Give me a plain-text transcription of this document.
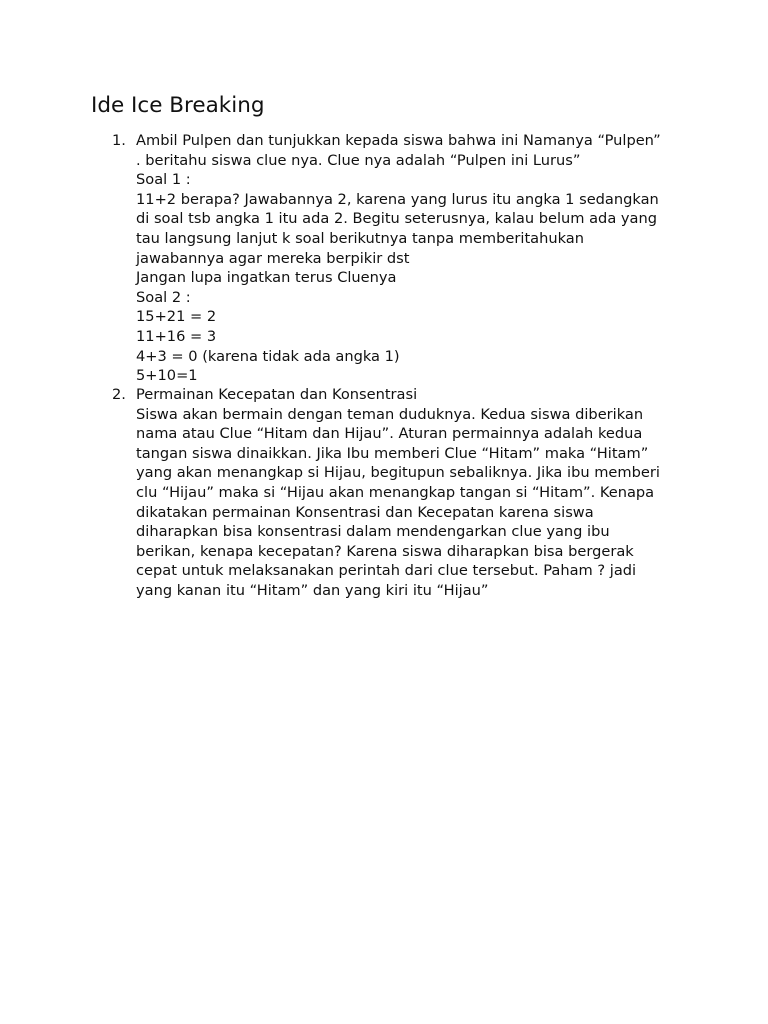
Ide Ice Breaking
1. Ambil Pulpen dan tunjukkan kepada siswa bahwa ini Namanya “Pulpen”
. beritahu siswa clue nya. Clue nya adalah “Pulpen ini Lurus”
Soal 1 :
11+2 berapa? Jawabannya 2, karena yang lurus itu angka 1 sedangkan
di soal tsb angka 1 itu ada 2. Begitu seterusnya, kalau belum ada yang
tau langsung lanjut k soal berikutnya tanpa memberitahukan
jawabannya agar mereka berpikir dst
Jangan lupa ingatkan terus Cluenya
Soal 2 :
15+21 = 2
11+16 = 3
4+3 = 0 (karena tidak ada angka 1)
5+10=1
2. Permainan Kecepatan dan Konsentrasi
Siswa akan bermain dengan teman duduknya. Kedua siswa diberikan
nama atau Clue “Hitam dan Hijau”. Aturan permainnya adalah kedua
tangan siswa dinaikkan. Jika Ibu memberi Clue “Hitam” maka “Hitam”
yang akan menangkap si Hijau, begitupun sebaliknya. Jika ibu memberi
clu “Hijau” maka si “Hijau akan menangkap tangan si “Hitam”. Kenapa
dikatakan permainan Konsentrasi dan Kecepatan karena siswa
diharapkan bisa konsentrasi dalam mendengarkan clue yang ibu
berikan, kenapa kecepatan? Karena siswa diharapkan bisa bergerak
cepat untuk melaksanakan perintah dari clue tersebut. Paham ? jadi
yang kanan itu “Hitam” dan yang kiri itu “Hijau”
